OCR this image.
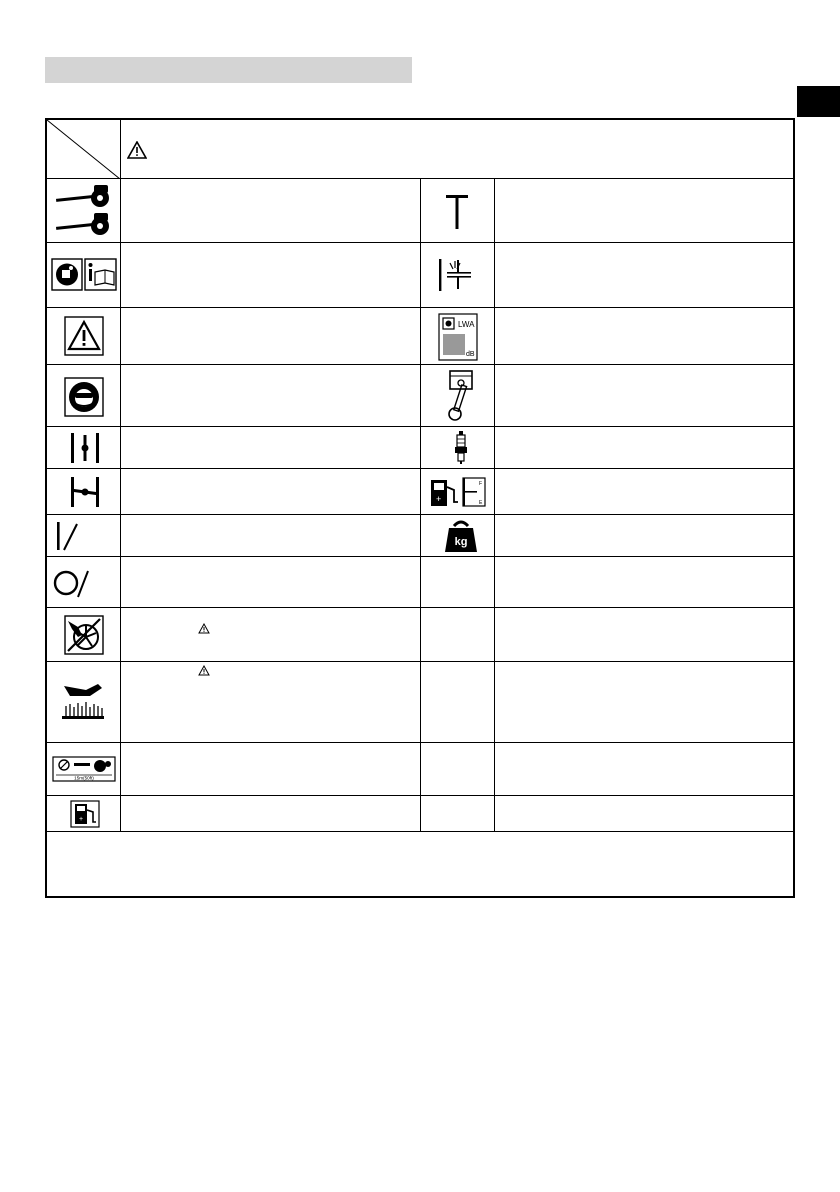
15m(50ft)
+
LWA
dB
+
F
E
kg
